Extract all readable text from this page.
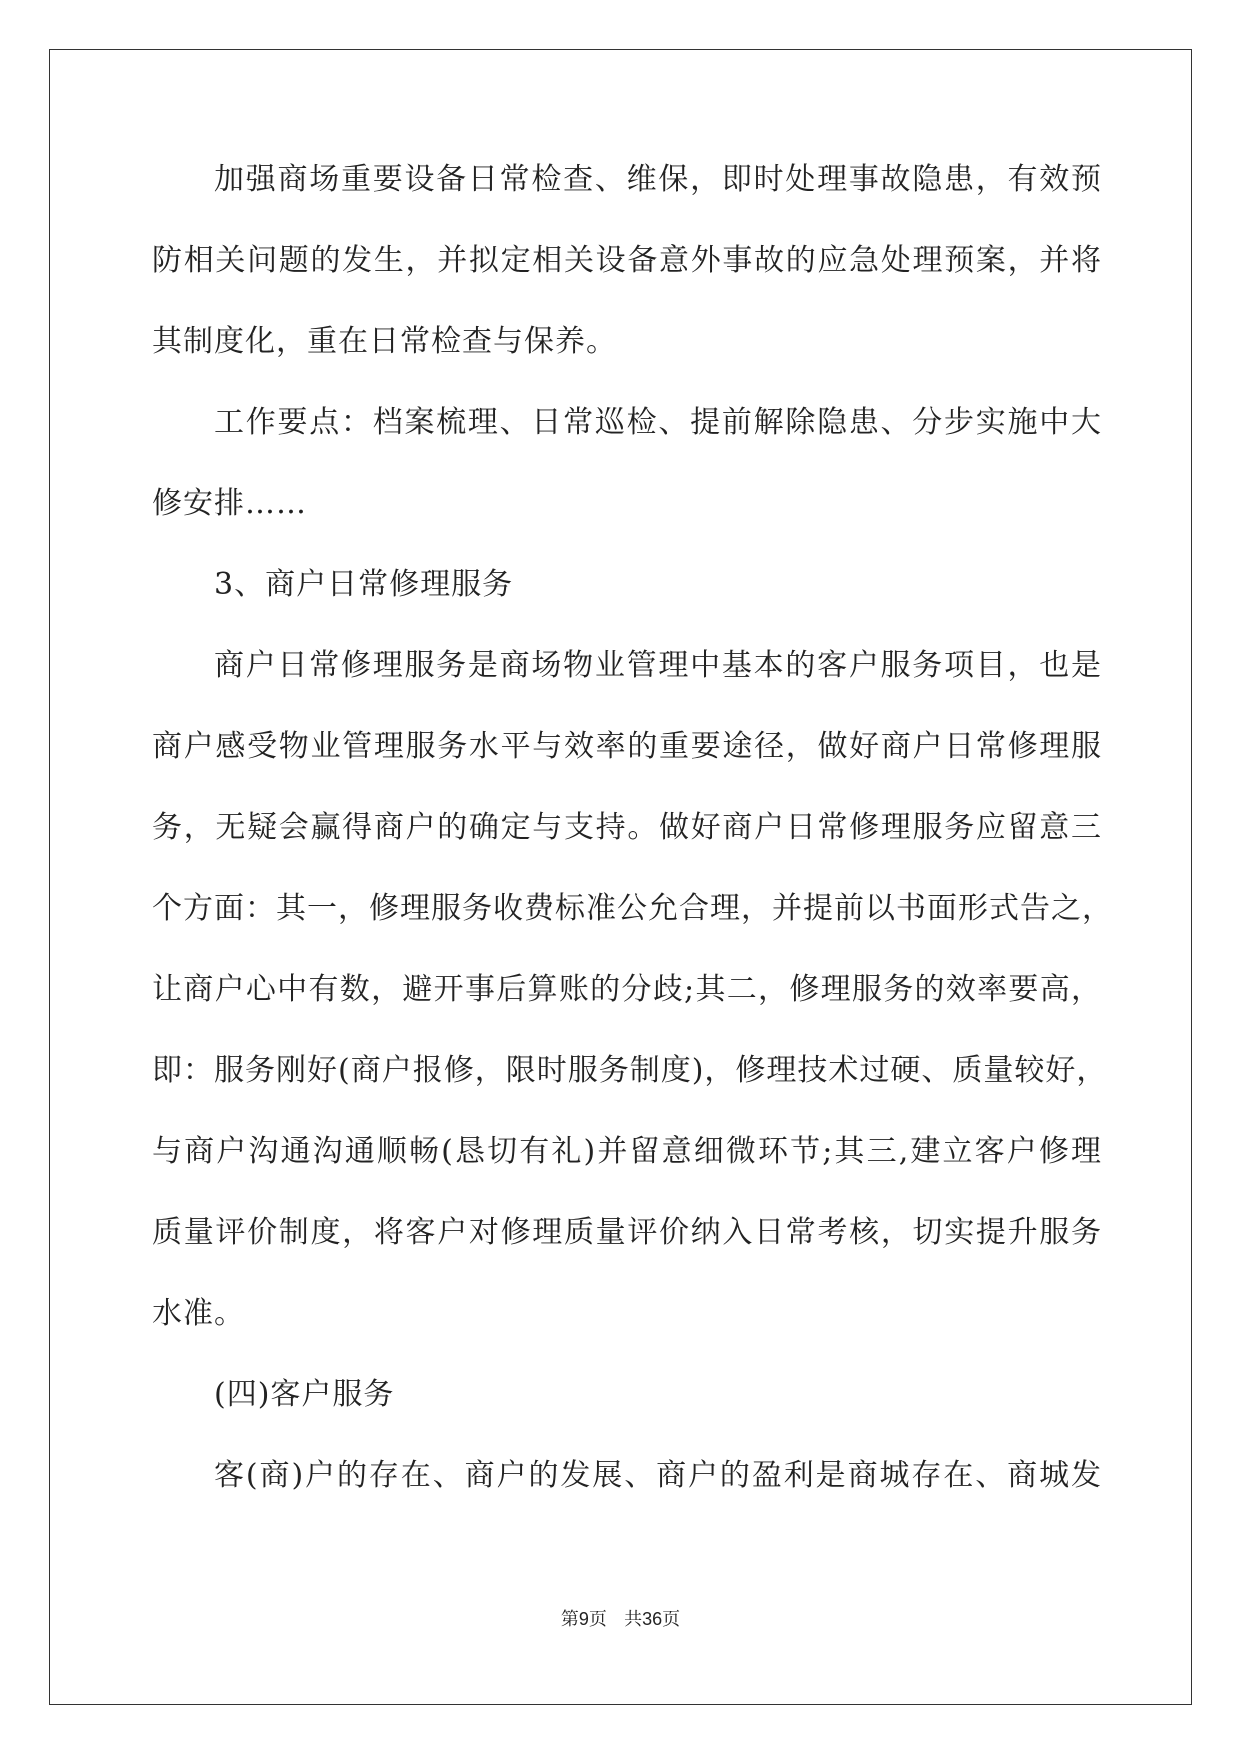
加强商场重要设备日常检查、维保，即时处理事故隐患，有效预
防相关问题的发生，并拟定相关设备意外事故的应急处理预案，并将
其制度化，重在日常检查与保养。
工作要点：档案梳理、日常巡检、提前解除隐患、分步实施中大
修安排……
3、商户日常修理服务
商户日常修理服务是商场物业管理中基本的客户服务项目，也是
商户感受物业管理服务水平与效率的重要途径，做好商户日常修理服
务，无疑会赢得商户的确定与支持。做好商户日常修理服务应留意三
个方面：其一，修理服务收费标准公允合理，并提前以书面形式告之，
让商户心中有数，避开事后算账的分歧;其二，修理服务的效率要高，
即：服务刚好(商户报修，限时服务制度)，修理技术过硬、质量较好，
与商户沟通沟通顺畅(恳切有礼)并留意细微环节;其三,建立客户修理
质量评价制度，将客户对修理质量评价纳入日常考核，切实提升服务
水准。
(四)客户服务
客(商)户的存在、商户的发展、商户的盈利是商城存在、商城发
第9页 共36页
